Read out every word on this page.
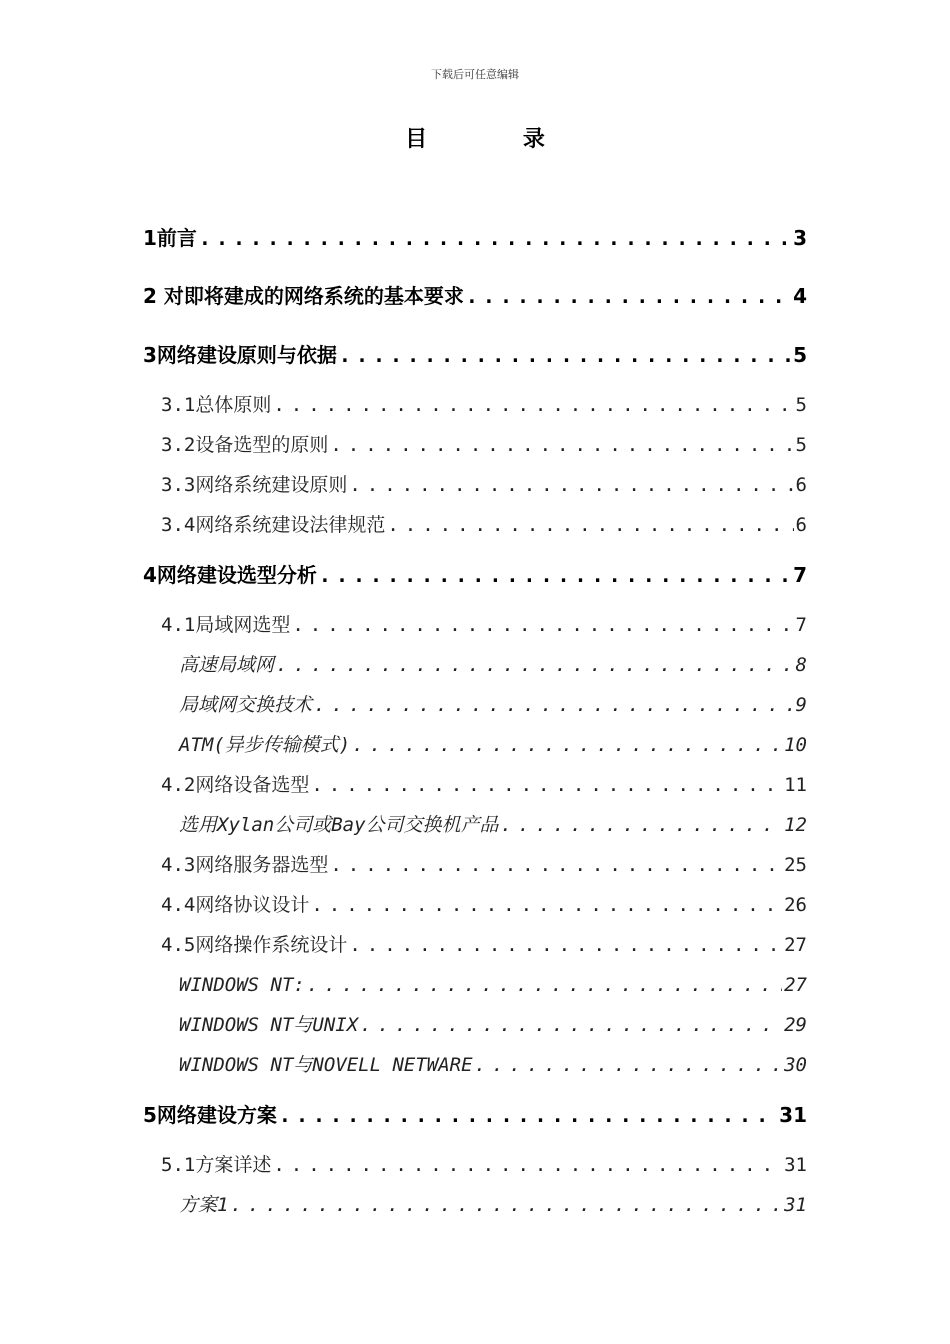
下载后可任意编辑
目 录
1前言 .....	3
2 对即将建成的网络系统的基本要求 .....	4
3网络建设原则与依据 .....	5
3.1总体原则 .....	5
3.2设备选型的原则 .....	5
3.3网络系统建设原则 .....	6
3.4网络系统建设法律规范 .....	6
4网络建设选型分析 .....	7
4.1局域网选型 .....	7
高速局域网 .....	8
局域网交换技术 .....	9
ATM(异步传输模式) .....	10
4.2网络设备选型 .....	11
选用Xylan公司或Bay公司交换机产品 .....	12
4.3网络服务器选型 .....	25
4.4网络协议设计 .....	26
4.5网络操作系统设计 .....	27
WINDOWS NT: .....	27
WINDOWS NT与UNIX .....	29
WINDOWS NT与NOVELL NETWARE .....	30
5网络建设方案 .....	31
5.1方案详述 .....	31
方案1 .....	31
